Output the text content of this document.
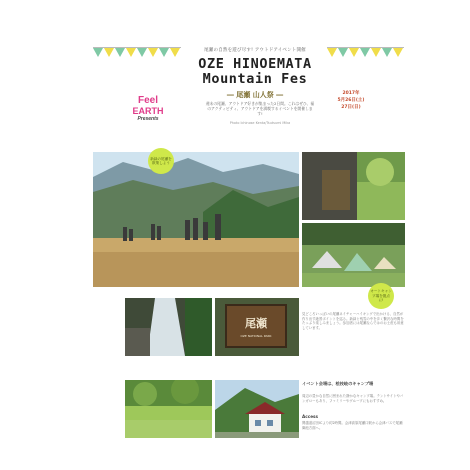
尾瀬の自然を遊び尽す! アウトドアイベント開催
OZE HINOEMATA
Mountain Fes
― 尾瀬 山人祭 ―
週末の尾瀬、アウトドア好きが集まった2日間。これはぜひ、福のアクティビティ、アウトドアを満喫するイベントを開催します!
Photo Ichinose Kenta/Tsutsumi Mika
Feel
EARTH
Presents
2017年
5月26日(土)
27日(日)
新緑の尾瀬を散策しよう
オートキャンプ場を拠点に!
尾瀬
OZE NATIONAL PARK
見どころいっぱいの尾瀬ネイチャーハイキングで出かける、自然が作り出す絶景ポイントを巡る。新緑と残雪の中を歩く贅沢な時間をたっぷり楽しみましょう。参加者には尾瀬ならではのお土産も用意しています。
イベント会場は、桧枝岐のキャンプ場
周辺の豊かな自然に囲まれた静かなキャンプ場。テントサイトやバンガローもあり、ファミリーやグループにもおすすめ。
Access
関越道沼田ICより約2時間。会津高原尾瀬口駅から会津バスで尾瀬御池方面へ。
